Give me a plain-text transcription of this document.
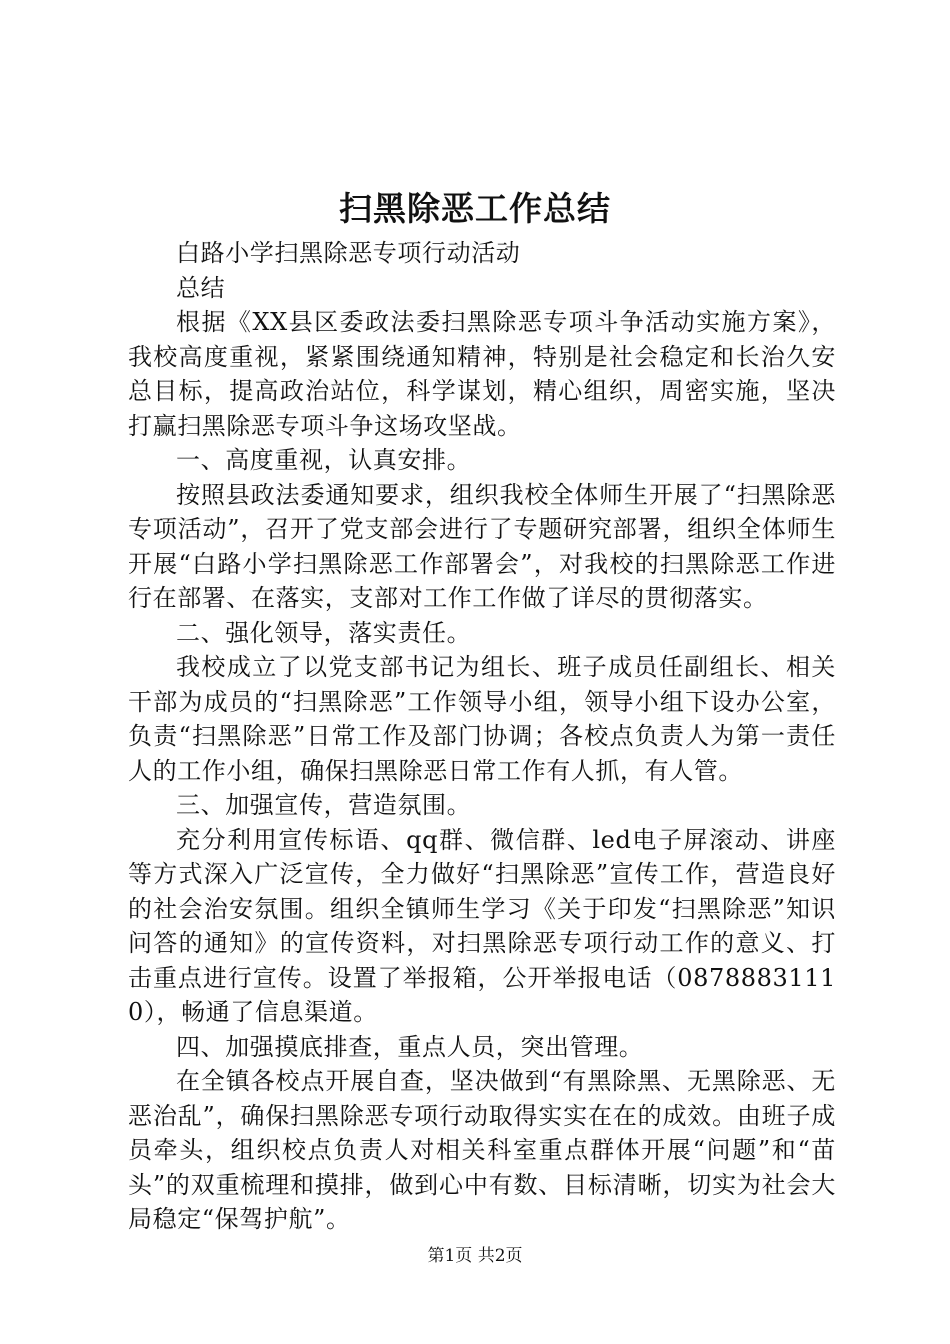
扫黑除恶工作总结

白路小学扫黑除恶专项行动活动

总结

根据《XX县区委政法委扫黑除恶专项斗争活动实施方案》，我校高度重视，紧紧围绕通知精神，特别是社会稳定和长治久安总目标，提高政治站位，科学谋划，精心组织，周密实施，坚决打赢扫黑除恶专项斗争这场攻坚战。

一、高度重视，认真安排。

按照县政法委通知要求，组织我校全体师生开展了“扫黑除恶专项活动”，召开了党支部会进行了专题研究部署，组织全体师生开展“白路小学扫黑除恶工作部署会”，对我校的扫黑除恶工作进行在部署、在落实，支部对工作工作做了详尽的贯彻落实。

二、强化领导，落实责任。

我校成立了以党支部书记为组长、班子成员任副组长、相关干部为成员的“扫黑除恶”工作领导小组，领导小组下设办公室，负责“扫黑除恶”日常工作及部门协调；各校点负责人为第一责任人的工作小组，确保扫黑除恶日常工作有人抓，有人管。

三、加强宣传，营造氛围。

充分利用宣传标语、qq群、微信群、led电子屏滚动、讲座等方式深入广泛宣传，全力做好“扫黑除恶”宣传工作，营造良好的社会治安氛围。组织全镇师生学习《关于印发“扫黑除恶”知识问答的通知》的宣传资料，对扫黑除恶专项行动工作的意义、打击重点进行宣传。设置了举报箱，公开举报电话（08788831110），畅通了信息渠道。

四、加强摸底排查，重点人员，突出管理。

在全镇各校点开展自查，坚决做到“有黑除黑、无黑除恶、无恶治乱”，确保扫黑除恶专项行动取得实实在在的成效。由班子成员牵头，组织校点负责人对相关科室重点群体开展“问题”和“苗头”的双重梳理和摸排，做到心中有数、目标清晰，切实为社会大局稳定“保驾护航”。

第1页 共2页
